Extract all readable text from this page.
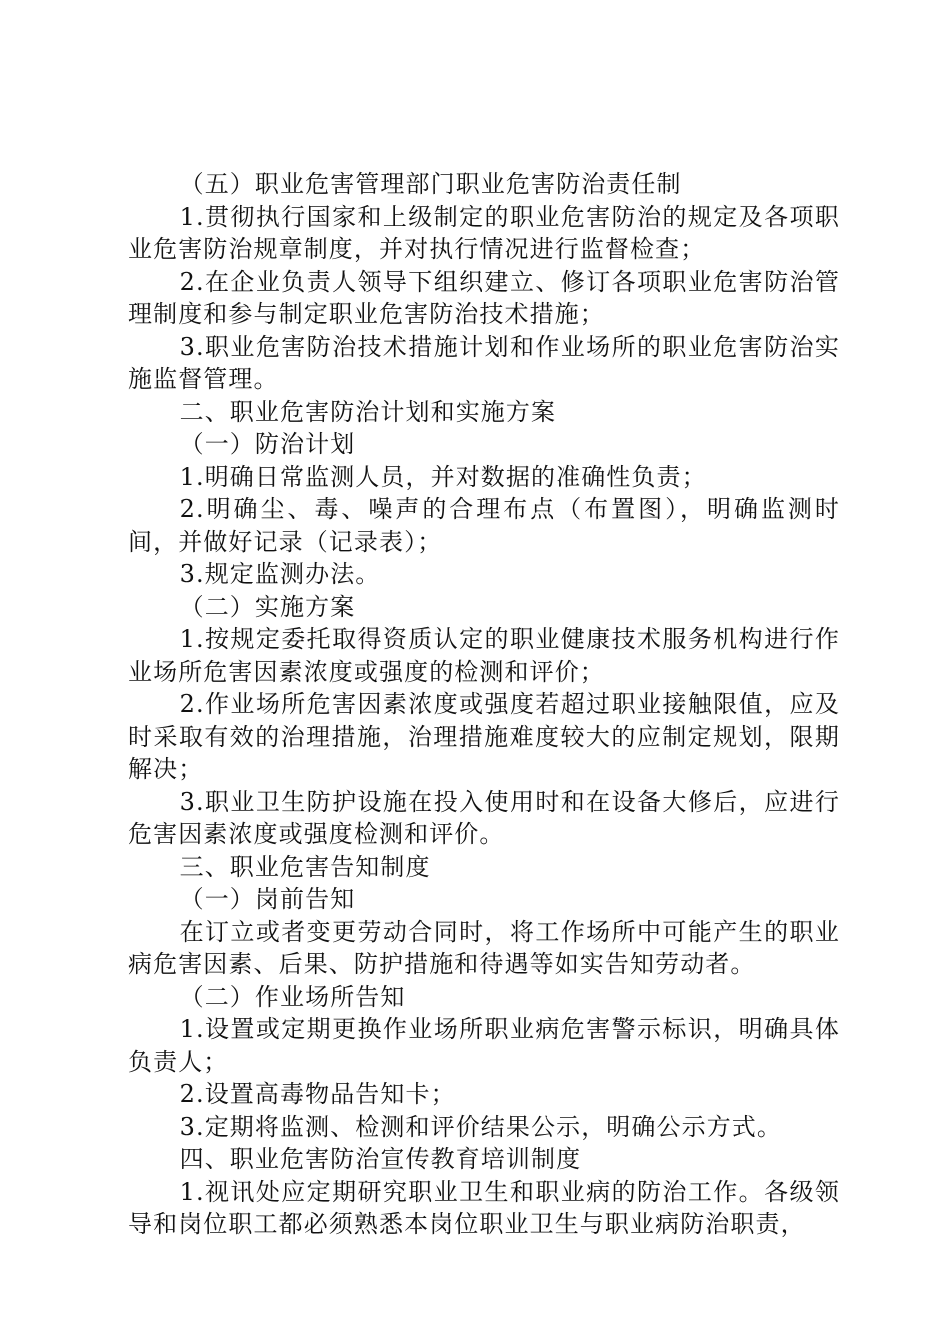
（五）职业危害管理部门职业危害防治责任制

1.贯彻执行国家和上级制定的职业危害防治的规定及各项职业危害防治规章制度，并对执行情况进行监督检查；

2.在企业负责人领导下组织建立、修订各项职业危害防治管理制度和参与制定职业危害防治技术措施；

3.职业危害防治技术措施计划和作业场所的职业危害防治实施监督管理。

二、职业危害防治计划和实施方案

（一）防治计划

1.明确日常监测人员，并对数据的准确性负责；

2.明确尘、毒、噪声的合理布点（布置图），明确监测时间，并做好记录（记录表）；

3.规定监测办法。

（二）实施方案

1.按规定委托取得资质认定的职业健康技术服务机构进行作业场所危害因素浓度或强度的检测和评价；

2.作业场所危害因素浓度或强度若超过职业接触限值，应及时采取有效的治理措施，治理措施难度较大的应制定规划，限期解决；

3.职业卫生防护设施在投入使用时和在设备大修后，应进行危害因素浓度或强度检测和评价。

三、职业危害告知制度

（一）岗前告知

在订立或者变更劳动合同时，将工作场所中可能产生的职业病危害因素、后果、防护措施和待遇等如实告知劳动者。

（二）作业场所告知

1.设置或定期更换作业场所职业病危害警示标识，明确具体负责人；

2.设置高毒物品告知卡；

3.定期将监测、检测和评价结果公示，明确公示方式。

四、职业危害防治宣传教育培训制度

1.视讯处应定期研究职业卫生和职业病的防治工作。各级领导和岗位职工都必须熟悉本岗位职业卫生与职业病防治职责，
